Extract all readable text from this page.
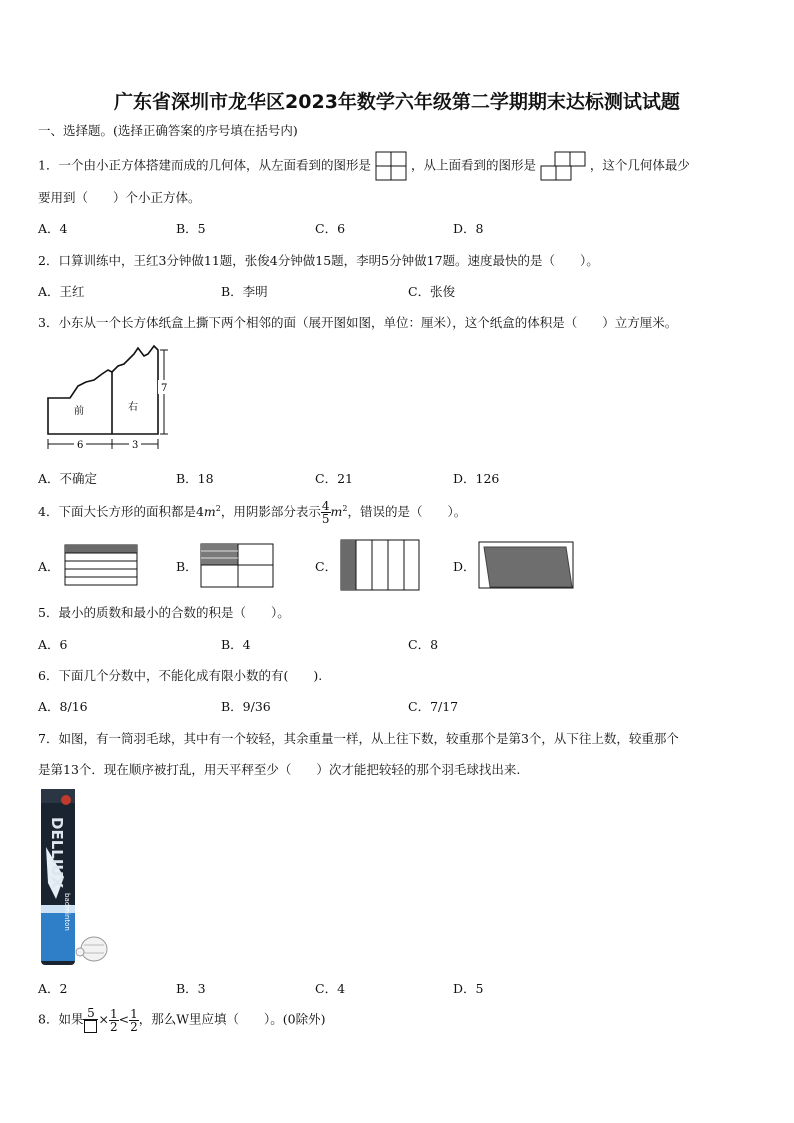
广东省深圳市龙华区2023年数学六年级第二学期期末达标测试试题
一、选择题。(选择正确答案的序号填在括号内)
1．一个由小正方体搭建而成的几何体，从左面看到的图形是	，从上面看到的图形是	，这个几何体最少
要用到（　　）个小正方体。
A．4	B．5	C．6	D．8
2．口算训练中，王红3分钟做11题，张俊4分钟做15题，李明5分钟做17题。速度最快的是（　　）。
A．王红	B．李明	C．张俊
3．小东从一个长方体纸盒上撕下两个相邻的面（展开图如图，单位：厘米），这个纸盒的体积是（　　）立方厘米。
前	右
6	3
7
A．不确定	B．18	C．21	D．126
4．下面大长方形的面积都是$4m^2$，用阴影部分表示 $\frac{4}{5} m^2$，错误的是（　　）。
A．	B．	C．	D．
5．最小的质数和最小的合数的积是（　　）。
A．6	B．4	C．8
6．下面几个分数中，不能化成有限小数的有(　　).
A．8/16	B．9/36	C．7/17
7．如图，有一筒羽毛球，其中有一个较轻，其余重量一样，从上往下数，较重那个是第3个，从下往上数，较重那个
是第13个．现在顺序被打乱，用天平秤至少（　　）次才能把较轻的那个羽毛球找出来.
DELLIUX
badminton
A．2	B．3	C．4	D．5
8．如果 $5 \times \frac{1}{2} < \frac{1}{2}$ ，那么W里应填（　　）。(0除外)
